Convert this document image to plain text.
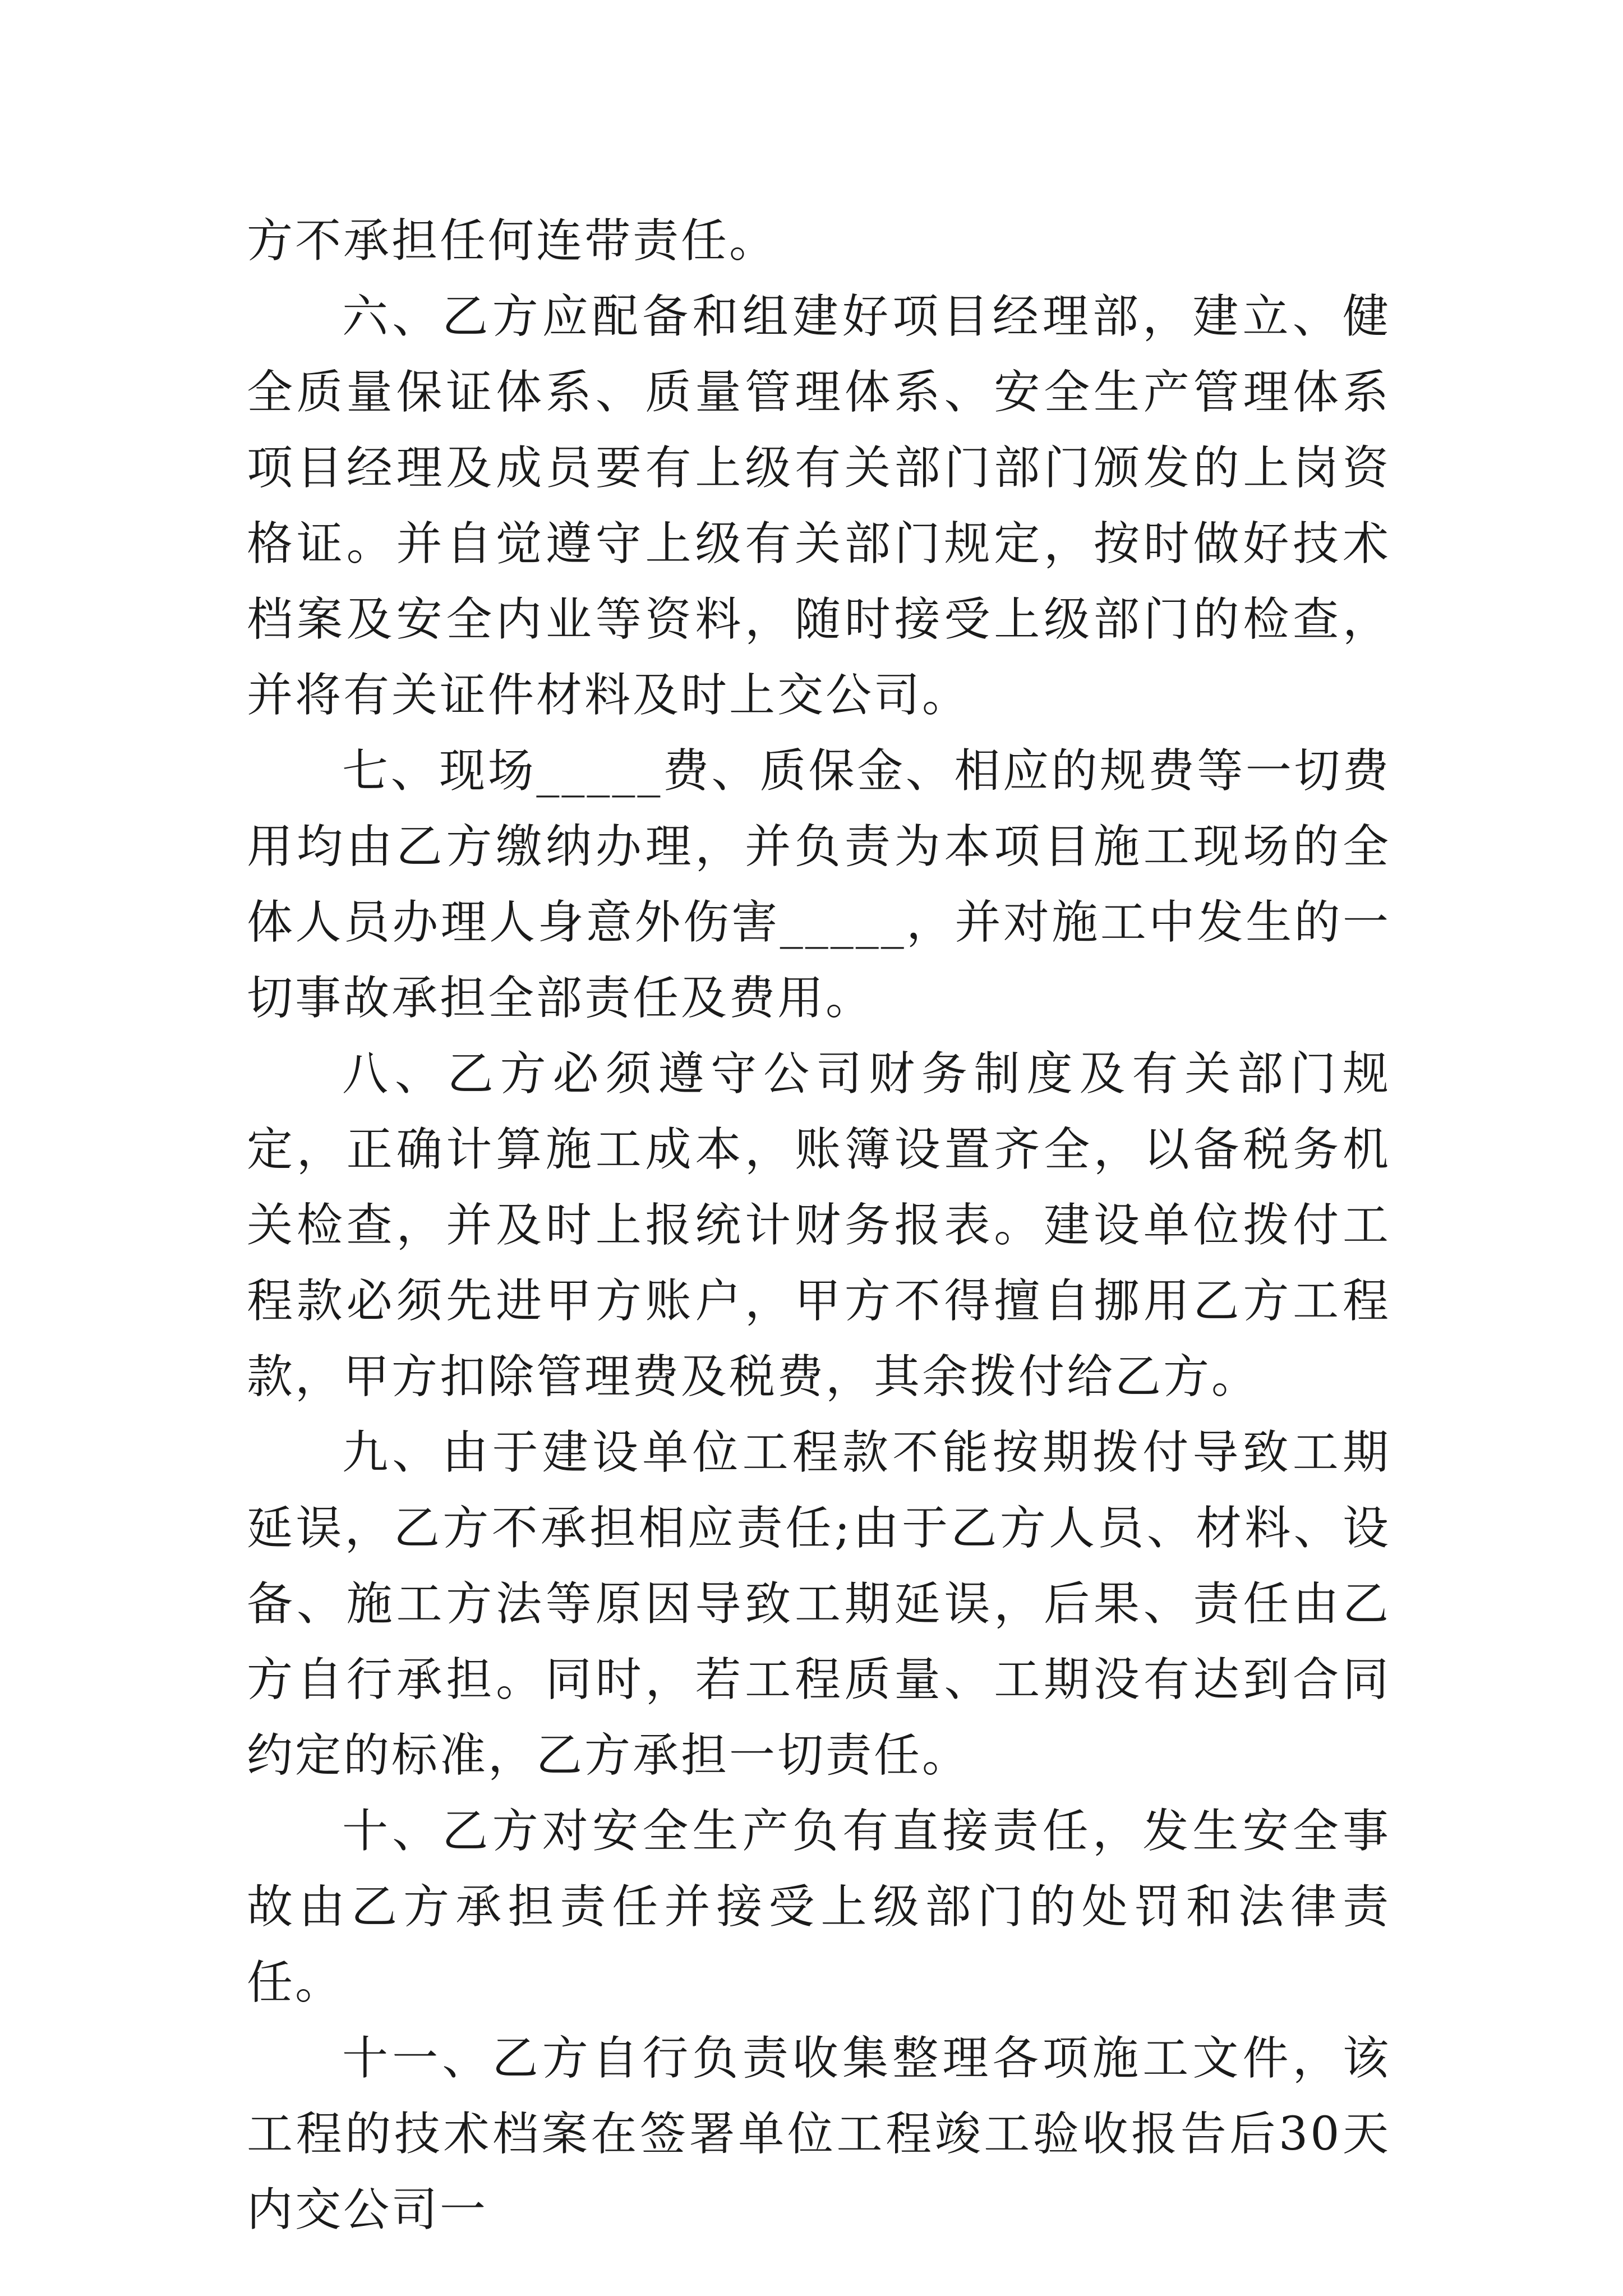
方不承担任何连带责任。

六、乙方应配备和组建好项目经理部，建立、健全质量保证体系、质量管理体系、安全生产管理体系项目经理及成员要有上级有关部门部门颁发的上岗资格证。并自觉遵守上级有关部门规定，按时做好技术档案及安全内业等资料，随时接受上级部门的检查，并将有关证件材料及时上交公司。

七、现场_____费、质保金、相应的规费等一切费用均由乙方缴纳办理，并负责为本项目施工现场的全体人员办理人身意外伤害_____，并对施工中发生的一切事故承担全部责任及费用。

八、乙方必须遵守公司财务制度及有关部门规定，正确计算施工成本，账簿设置齐全，以备税务机关检查，并及时上报统计财务报表。建设单位拨付工程款必须先进甲方账户，甲方不得擅自挪用乙方工程款，甲方扣除管理费及税费，其余拨付给乙方。

九、由于建设单位工程款不能按期拨付导致工期延误，乙方不承担相应责任;由于乙方人员、材料、设备、施工方法等原因导致工期延误，后果、责任由乙方自行承担。同时，若工程质量、工期没有达到合同约定的标准，乙方承担一切责任。

十、乙方对安全生产负有直接责任，发生安全事故由乙方承担责任并接受上级部门的处罚和法律责任。

十一、乙方自行负责收集整理各项施工文件，该工程的技术档案在签署单位工程竣工验收报告后30天内交公司一
